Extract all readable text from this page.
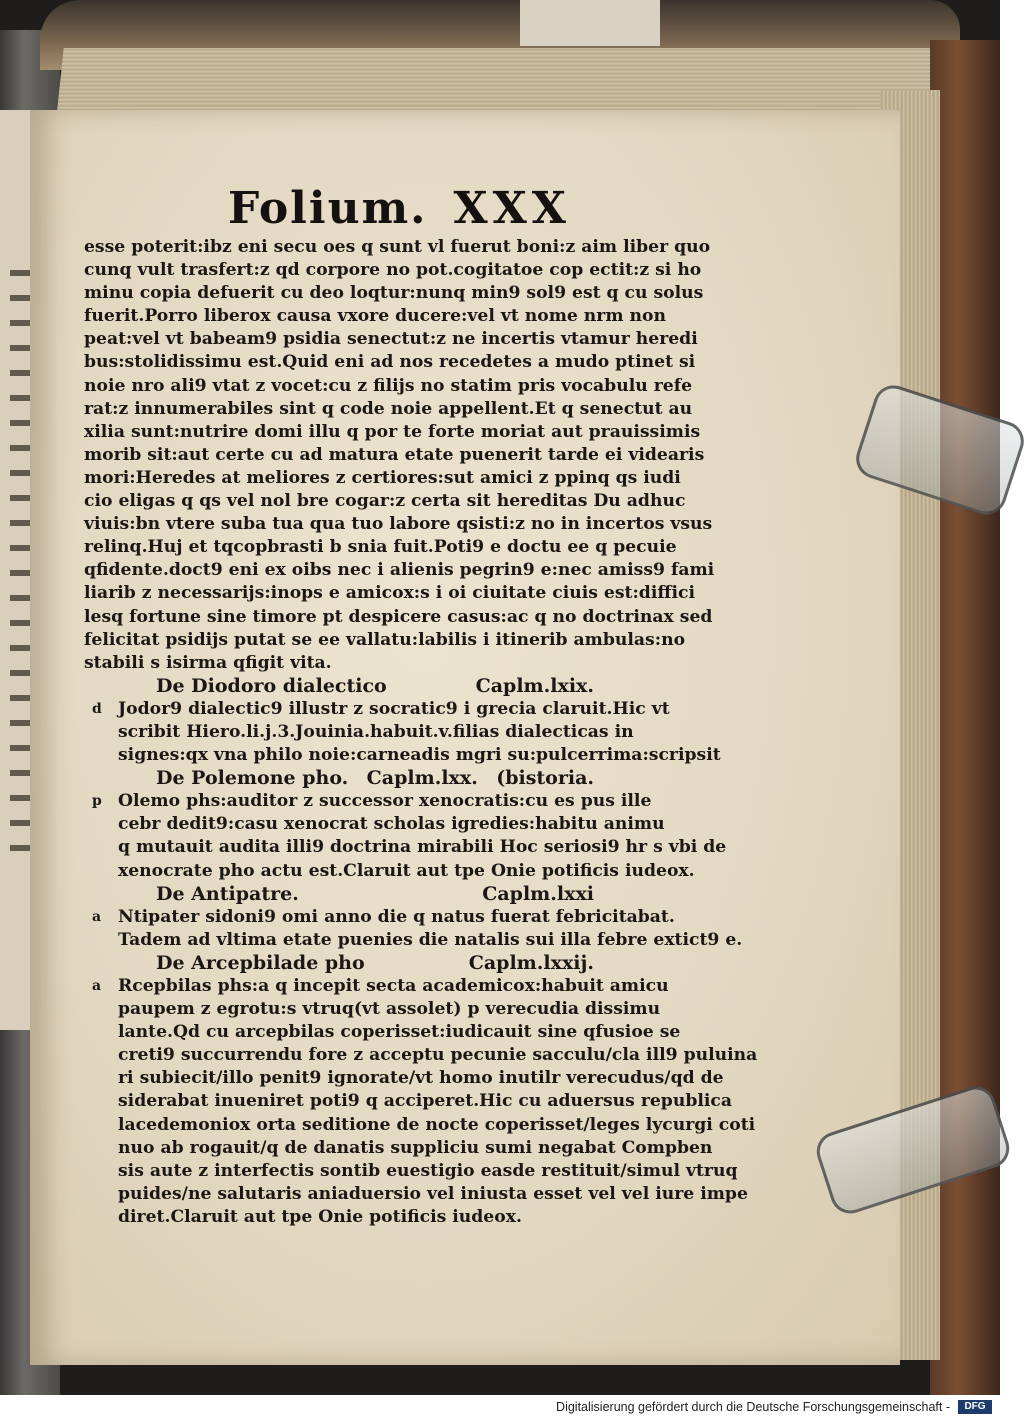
Folium. XXX
esse poterit:ibz eni secu oes q sunt vl fuerut boni:z aim liber quo
cunq vult trasfert:z qd corpore no pot.cogitatoe cop ectit:z si ho
minu copia defuerit cu deo loqtur:nunq min9 sol9 est q cu solus
fuerit.Porro liberox causa vxore ducere:vel vt nome nrm non
peat:vel vt babeam9 psidia senectut:z ne incertis vtamur heredi
bus:stolidissimu est.Quid eni ad nos recedetes a mudo ptinet si
noie nro ali9 vtat z vocet:cu z filijs no statim pris vocabulu refe
rat:z innumerabiles sint q code noie appellent.Et q senectut au
xilia sunt:nutrire domi illu q por te forte moriat aut prauissimis
morib sit:aut certe cu ad matura etate puenerit tarde ei videaris
mori:Heredes at meliores z certiores:sut amici z ppinq qs iudi
cio eligas q qs vel nol bre cogar:z certa sit hereditas Du adhuc
viuis:bn vtere suba tua qua tuo labore qsisti:z no in incertos vsus
relinq.Huj et tqcopbrasti b snia fuit.Poti9 e doctu ee q pecuie
qfidente.doct9 eni ex oibs nec i alienis pegrin9 e:nec amiss9 fami
liarib z necessarijs:inops e amicox:s i oi ciuitate ciuis est:diffici
lesq fortune sine timore pt despicere casus:ac q no doctrinax sed
felicitat psidijs putat se ee vallatu:labilis i itinerib ambulas:no
stabili s isirma qfigit vita.
De Diodoro dialectico	Caplm.lxix.
d Jodor9 dialectic9 illustr z socratic9 i grecia claruit.Hic vt
scribit Hiero.li.j.3.Jouinia.habuit.v.filias dialecticas in
signes:qx vna philo noie:carneadis mgri su:pulcerrima:scripsit
De Polemone pho. Caplm.lxx. (bistoria.
p Olemo phs:auditor z successor xenocratis:cu es pus ille
cebr dedit9:casu xenocrat scholas igredies:habitu animu
q mutauit audita illi9 doctrina mirabili Hoc seriosi9 hr s vbi de
xenocrate pho actu est.Claruit aut tpe Onie potificis iudeox.
De Antipatre.	Caplm.lxxi
a Ntipater sidoni9 omi anno die q natus fuerat febricitabat.
Tadem ad vltima etate puenies die natalis sui illa febre extict9 e.
De Arcepbilade pho	Caplm.lxxij.
a Rcepbilas phs:a q incepit secta academicox:habuit amicu
paupem z egrotu:s vtruq(vt assolet) p verecudia dissimu
lante.Qd cu arcepbilas coperisset:iudicauit sine qfusioe se
creti9 succurrendu fore z acceptu pecunie sacculu/cla ill9 puluina
ri subiecit/illo penit9 ignorate/vt homo inutilr verecudus/qd de
siderabat inueniret poti9 q acciperet.Hic cu aduersus republica
lacedemoniox orta seditione de nocte coperisset/leges lycurgi coti
nuo ab rogauit/q de danatis suppliciu sumi negabat Compben
sis aute z interfectis sontib euestigio easde restituit/simul vtruq
puides/ne salutaris aniaduersio vel iniusta esset vel vel iure impe
diret.Claruit aut tpe Onie potificis iudeox.
Digitalisierung gefördert durch die Deutsche Forschungsgemeinschaft -	DFG
